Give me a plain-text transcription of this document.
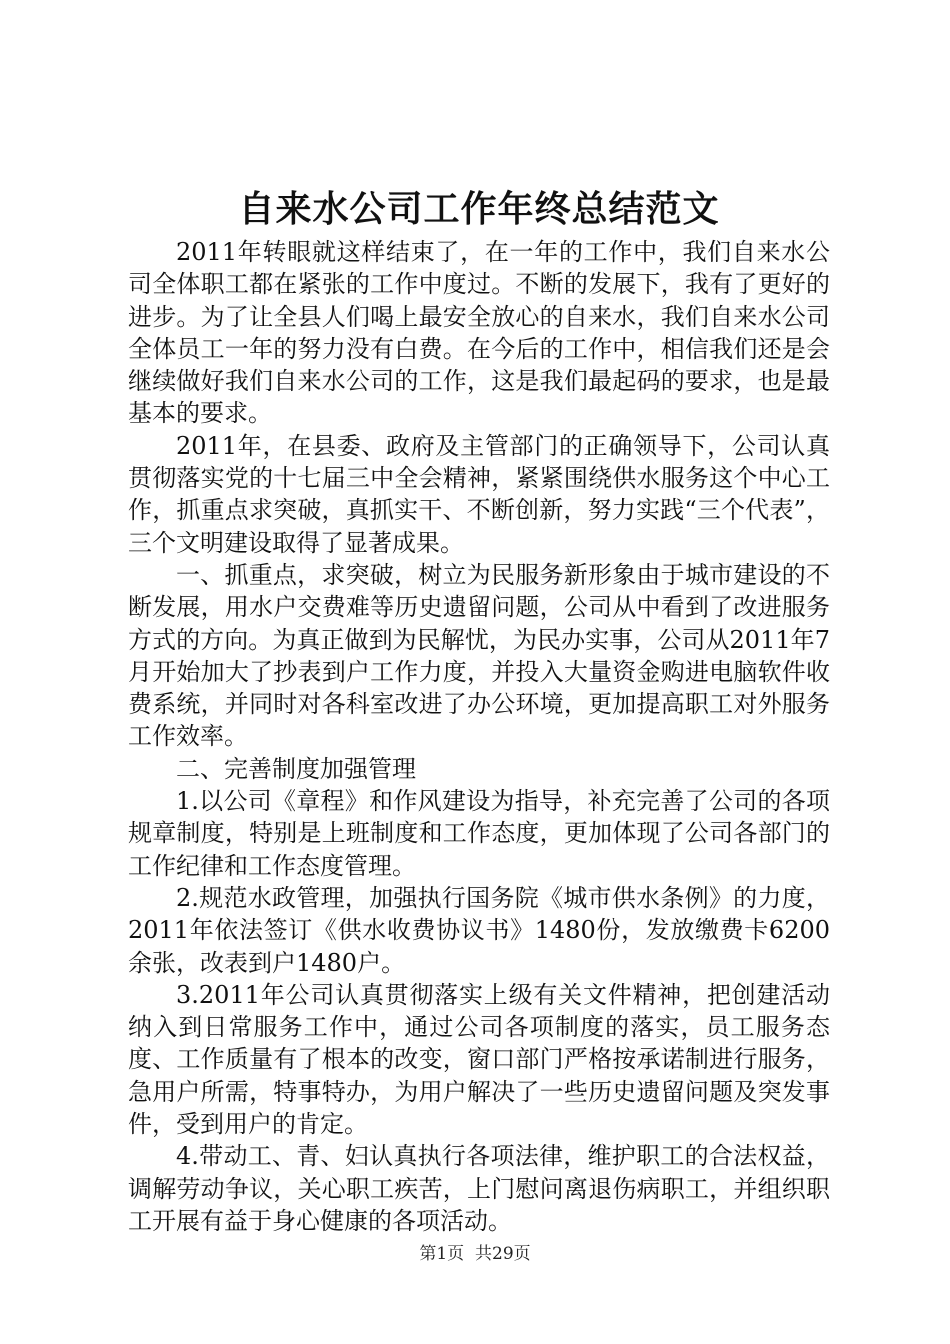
自来水公司工作年终总结范文

2011年转眼就这样结束了，在一年的工作中，我们自来水公司全体职工都在紧张的工作中度过。不断的发展下，我有了更好的进步。为了让全县人们喝上最安全放心的自来水，我们自来水公司全体员工一年的努力没有白费。在今后的工作中，相信我们还是会继续做好我们自来水公司的工作，这是我们最起码的要求，也是最基本的要求。

2011年，在县委、政府及主管部门的正确领导下，公司认真贯彻落实党的十七届三中全会精神，紧紧围绕供水服务这个中心工作，抓重点求突破，真抓实干、不断创新，努力实践“三个代表”，三个文明建设取得了显著成果。

一、抓重点，求突破，树立为民服务新形象由于城市建设的不断发展，用水户交费难等历史遗留问题，公司从中看到了改进服务方式的方向。为真正做到为民解忧，为民办实事，公司从2011年7月开始加大了抄表到户工作力度，并投入大量资金购进电脑软件收费系统，并同时对各科室改进了办公环境，更加提高职工对外服务工作效率。

二、完善制度加强管理

1.以公司《章程》和作风建设为指导，补充完善了公司的各项规章制度，特别是上班制度和工作态度，更加体现了公司各部门的工作纪律和工作态度管理。

2.规范水政管理，加强执行国务院《城市供水条例》的力度，2011年依法签订《供水收费协议书》1480份，发放缴费卡6200余张，改表到户1480户。

3.2011年公司认真贯彻落实上级有关文件精神，把创建活动纳入到日常服务工作中，通过公司各项制度的落实，员工服务态度、工作质量有了根本的改变，窗口部门严格按承诺制进行服务，急用户所需，特事特办，为用户解决了一些历史遗留问题及突发事件，受到用户的肯定。

4.带动工、青、妇认真执行各项法律，维护职工的合法权益，调解劳动争议，关心职工疾苦，上门慰问离退伤病职工，并组织职工开展有益于身心健康的各项活动。

第1页 共29页
